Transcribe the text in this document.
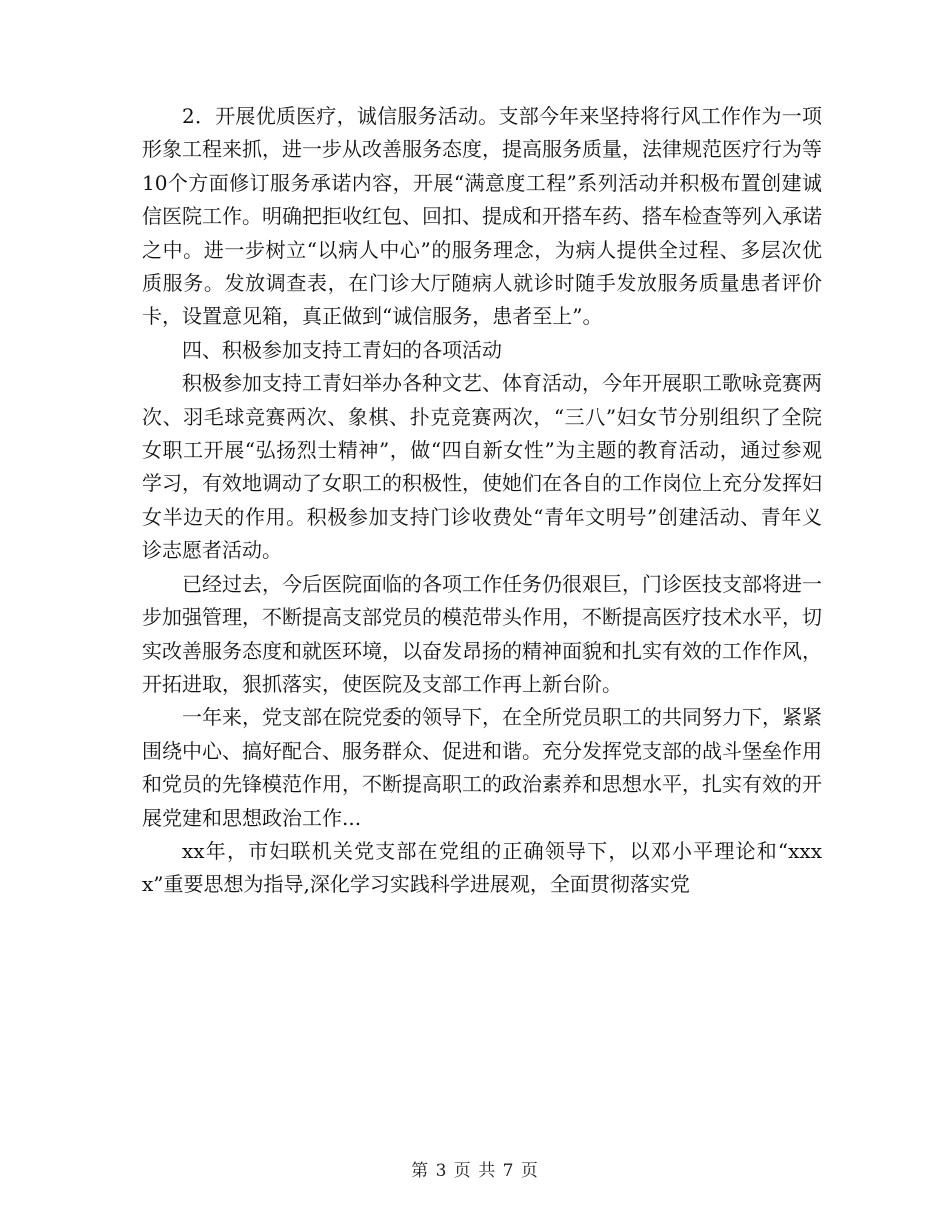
2．开展优质医疗，诚信服务活动。支部今年来坚持将行风工作作为一项形象工程来抓，进一步从改善服务态度，提高服务质量，法律规范医疗行为等10个方面修订服务承诺内容，开展“满意度工程”系列活动并积极布置创建诚信医院工作。明确把拒收红包、回扣、提成和开搭车药、搭车检查等列入承诺之中。进一步树立“以病人中心”的服务理念，为病人提供全过程、多层次优质服务。发放调查表，在门诊大厅随病人就诊时随手发放服务质量患者评价卡，设置意见箱，真正做到“诚信服务，患者至上”。

四、积极参加支持工青妇的各项活动

积极参加支持工青妇举办各种文艺、体育活动，今年开展职工歌咏竞赛两次、羽毛球竞赛两次、象棋、扑克竞赛两次，“三八”妇女节分别组织了全院女职工开展“弘扬烈士精神”，做“四自新女性”为主题的教育活动，通过参观学习，有效地调动了女职工的积极性，使她们在各自的工作岗位上充分发挥妇女半边天的作用。积极参加支持门诊收费处“青年文明号”创建活动、青年义诊志愿者活动。

已经过去，今后医院面临的各项工作任务仍很艰巨，门诊医技支部将进一步加强管理，不断提高支部党员的模范带头作用，不断提高医疗技术水平，切实改善服务态度和就医环境，以奋发昂扬的精神面貌和扎实有效的工作作风，开拓进取，狠抓落实，使医院及支部工作再上新台阶。

一年来，党支部在院党委的领导下，在全所党员职工的共同努力下，紧紧围绕中心、搞好配合、服务群众、促进和谐。充分发挥党支部的战斗堡垒作用和党员的先锋模范作用，不断提高职工的政治素养和思想水平，扎实有效的开展党建和思想政治工作...

xx年，市妇联机关党支部在党组的正确领导下，以邓小平理论和“xxxx”重要思想为指导,深化学习实践科学进展观，全面贯彻落实党

第 3 页 共 7 页
